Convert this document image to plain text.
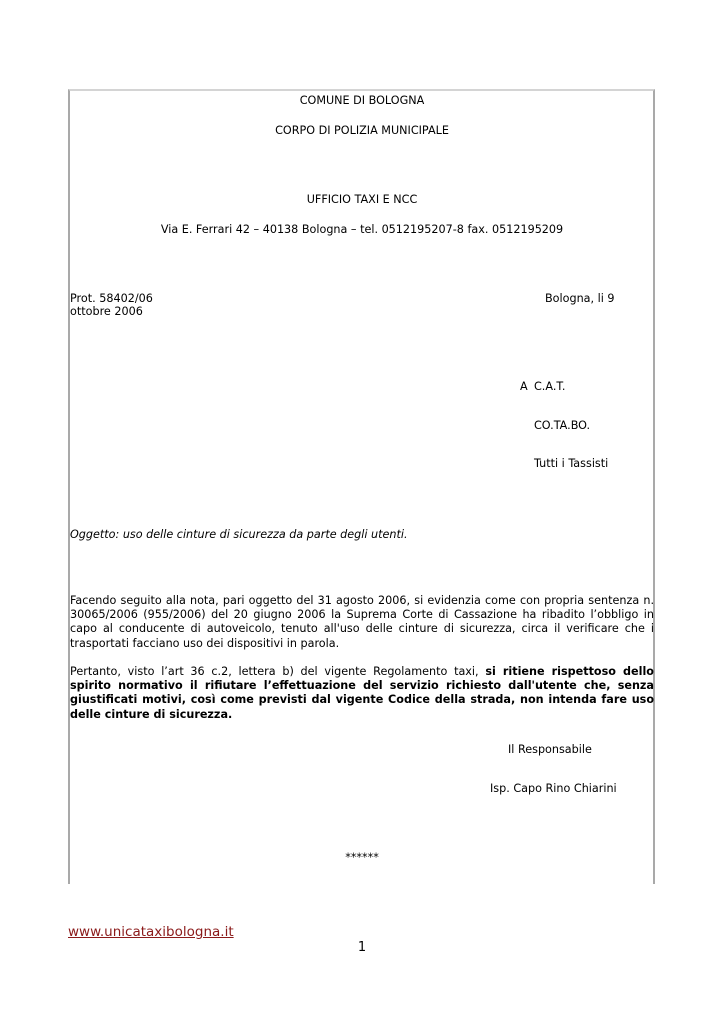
COMUNE DI BOLOGNA
CORPO DI POLIZIA MUNICIPALE
UFFICIO TAXI E NCC
Via E. Ferrari 42 – 40138 Bologna – tel. 0512195207-8 fax. 0512195209
Prot. 58402/06	Bologna, li 9
ottobre 2006
A C.A.T.
CO.TA.BO.
Tutti i Tassisti
Oggetto: uso delle cinture di sicurezza da parte degli utenti.
Facendo seguito alla nota, pari oggetto del 31 agosto 2006, si evidenzia come con propria sentenza n. 30065/2006 (955/2006) del 20 giugno 2006 la Suprema Corte di Cassazione ha ribadito l’obbligo in capo al conducente di autoveicolo, tenuto all'uso delle cinture di sicurezza, circa il verificare che i trasportati facciano uso dei dispositivi in parola.
Pertanto, visto l’art 36 c.2, lettera b) del vigente Regolamento taxi, si ritiene rispettoso dello spirito normativo il rifiutare l’effettuazione del servizio richiesto dall'utente che, senza giustificati motivi, così come previsti dal vigente Codice della strada, non intenda fare uso delle cinture di sicurezza.
Il Responsabile
Isp. Capo Rino Chiarini
******
www.unicataxibologna.it
1
